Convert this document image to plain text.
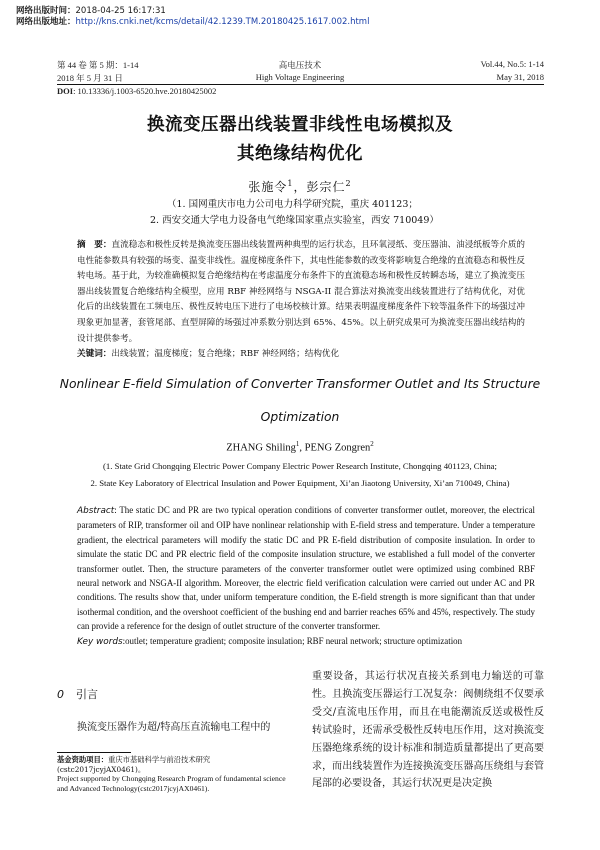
网络出版时间：2018-04-25 16:17:31
网络出版地址：http://kns.cnki.net/kcms/detail/42.1239.TM.20180425.1617.002.html
第 44 卷 第 5 期：1-14
2018 年 5 月 31 日
高电压技术
High Voltage Engineering
Vol.44, No.5: 1-14
May 31, 2018
DOI: 10.13336/j.1003-6520.hve.20180425002
换流变压器出线装置非线性电场模拟及
其绝缘结构优化
张施令$^1$，彭宗仁$^2$
（1. 国网重庆市电力公司电力科学研究院，重庆 401123；
2. 西安交通大学电力设备电气绝缘国家重点实验室，西安 710049）

摘　要：直流稳态和极性反转是换流变压器出线装置两种典型的运行状态，且环氧浸纸、变压器油、油浸纸板等介质的电性能参数具有较强的场变、温变非线性。温度梯度条件下，其电性能参数的改变将影响复合绝缘的直流稳态和极性反转电场。基于此，为较准确模拟复合绝缘结构在考虑温度分布条件下的直流稳态场和极性反转瞬态场，建立了换流变压器出线装置复合绝缘结构全模型，应用 RBF 神经网络与 NSGA-II 混合算法对换流变出线装置进行了结构优化，对优化后的出线装置在工频电压、极性反转电压下进行了电场校核计算。结果表明温度梯度条件下较等温条件下的场强过冲现象更加显著，套管尾部、直型屏障的场强过冲系数分别达到 65%、45%。以上研究成果可为换流变压器出线结构的设计提供参考。

关键词：出线装置；温度梯度；复合绝缘；RBF 神经网络；结构优化

Nonlinear E-field Simulation of Converter Transformer Outlet and Its Structure
Optimization
ZHANG Shiling$^1$, PENG Zongren$^2$
(1. State Grid Chongqing Electric Power Company Electric Power Research Institute, Chongqing 401123, China;
2. State Key Laboratory of Electrical Insulation and Power Equipment, Xi’an Jiaotong University, Xi’an 710049, China)

Abstract: The static DC and PR are two typical operation conditions of converter transformer outlet, moreover, the electrical parameters of RIP, transformer oil and OIP have nonlinear relationship with E-field stress and temperature. Under a temperature gradient, the electrical parameters will modify the static DC and PR E-field distribution of composite insulation. In order to simulate the static DC and PR electric field of the composite insulation structure, we established a full model of the converter transformer outlet. Then, the structure parameters of the converter transformer outlet were optimized using combined RBF neural network and NSGA-II algorithm. Moreover, the electric field verification calculation were carried out under AC and PR conditions. The results show that, under uniform temperature condition, the E-field strength is more significant than that under isothermal condition, and the overshoot coefficient of the bushing end and barrier reaches 65% and 45%, respectively. The study can provide a reference for the design of outlet structure of the converter transformer.

Key words:outlet; temperature gradient; composite insulation; RBF neural network; structure optimization

0 引言

换流变压器作为超/特高压直流输电工程中的

基金资助项目：重庆市基础科学与前沿技术研究

(cstc2017jcyjAX0461)。

Project supported by Chongqing Research Program of fundamental science and Advanced Technology(cstc2017jcyjAX0461).

重要设备，其运行状况直接关系到电力输送的可靠性。且换流变压器运行工况复杂：阀侧绕组不仅要承受交/直流电压作用，而且在电能潮流反送或极性反转试验时，还需承受极性反转电压作用，这对换流变压器绝缘系统的设计标准和制造质量都提出了更高要求，而出线装置作为连接换流变压器高压绕组与套管尾部的必要设备，其运行状况更是决定换
